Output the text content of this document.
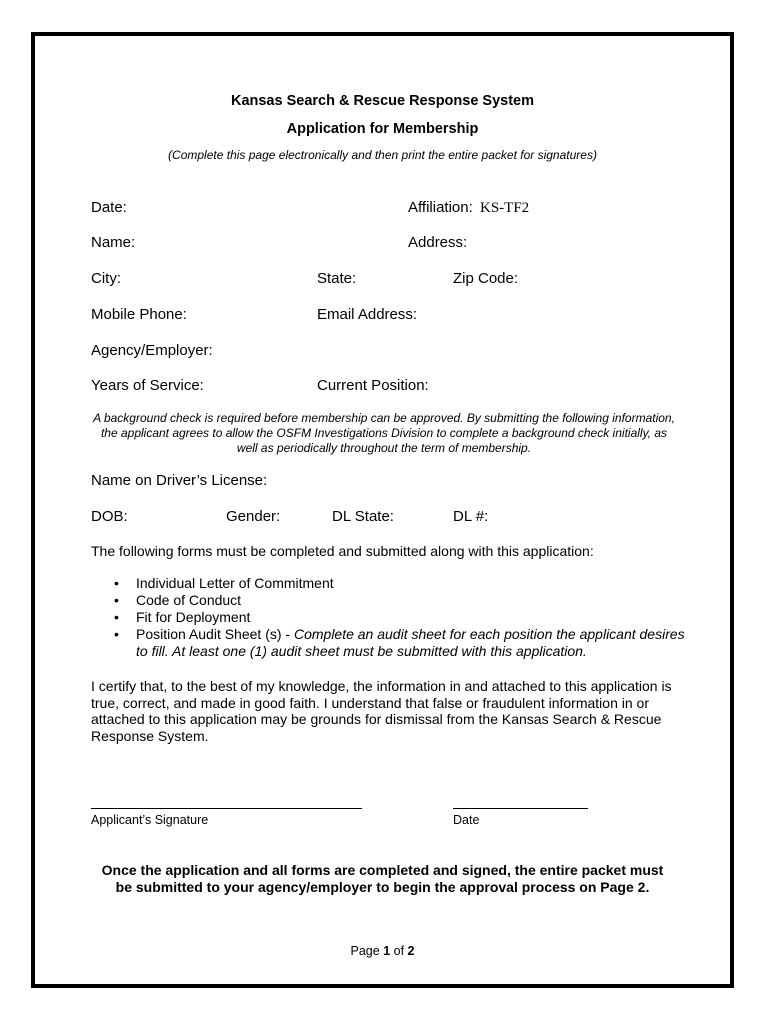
Kansas Search & Rescue Response System
Application for Membership
(Complete this page electronically and then print the entire packet for signatures)
Date:	Affiliation: KS-TF2
Name:	Address:
City:	State:	Zip Code:
Mobile Phone:	Email Address:
Agency/Employer:
Years of Service:	Current Position:
A background check is required before membership can be approved. By submitting the following information, the applicant agrees to allow the OSFM Investigations Division to complete a background check initially, as well as periodically throughout the term of membership.
Name on Driver’s License:
DOB:	Gender:	DL State:	DL #:
The following forms must be completed and submitted along with this application:
• Individual Letter of Commitment
• Code of Conduct
• Fit for Deployment
• Position Audit Sheet (s) - Complete an audit sheet for each position the applicant desires
to fill. At least one (1) audit sheet must be submitted with this application.
I certify that, to the best of my knowledge, the information in and attached to this application is true, correct, and made in good faith. I understand that false or fraudulent information in or attached to this application may be grounds for dismissal from the Kansas Search & Rescue Response System.
Applicant’s Signature	Date
Once the application and all forms are completed and signed, the entire packet must be submitted to your agency/employer to begin the approval process on Page 2.
Page 1 of 2
